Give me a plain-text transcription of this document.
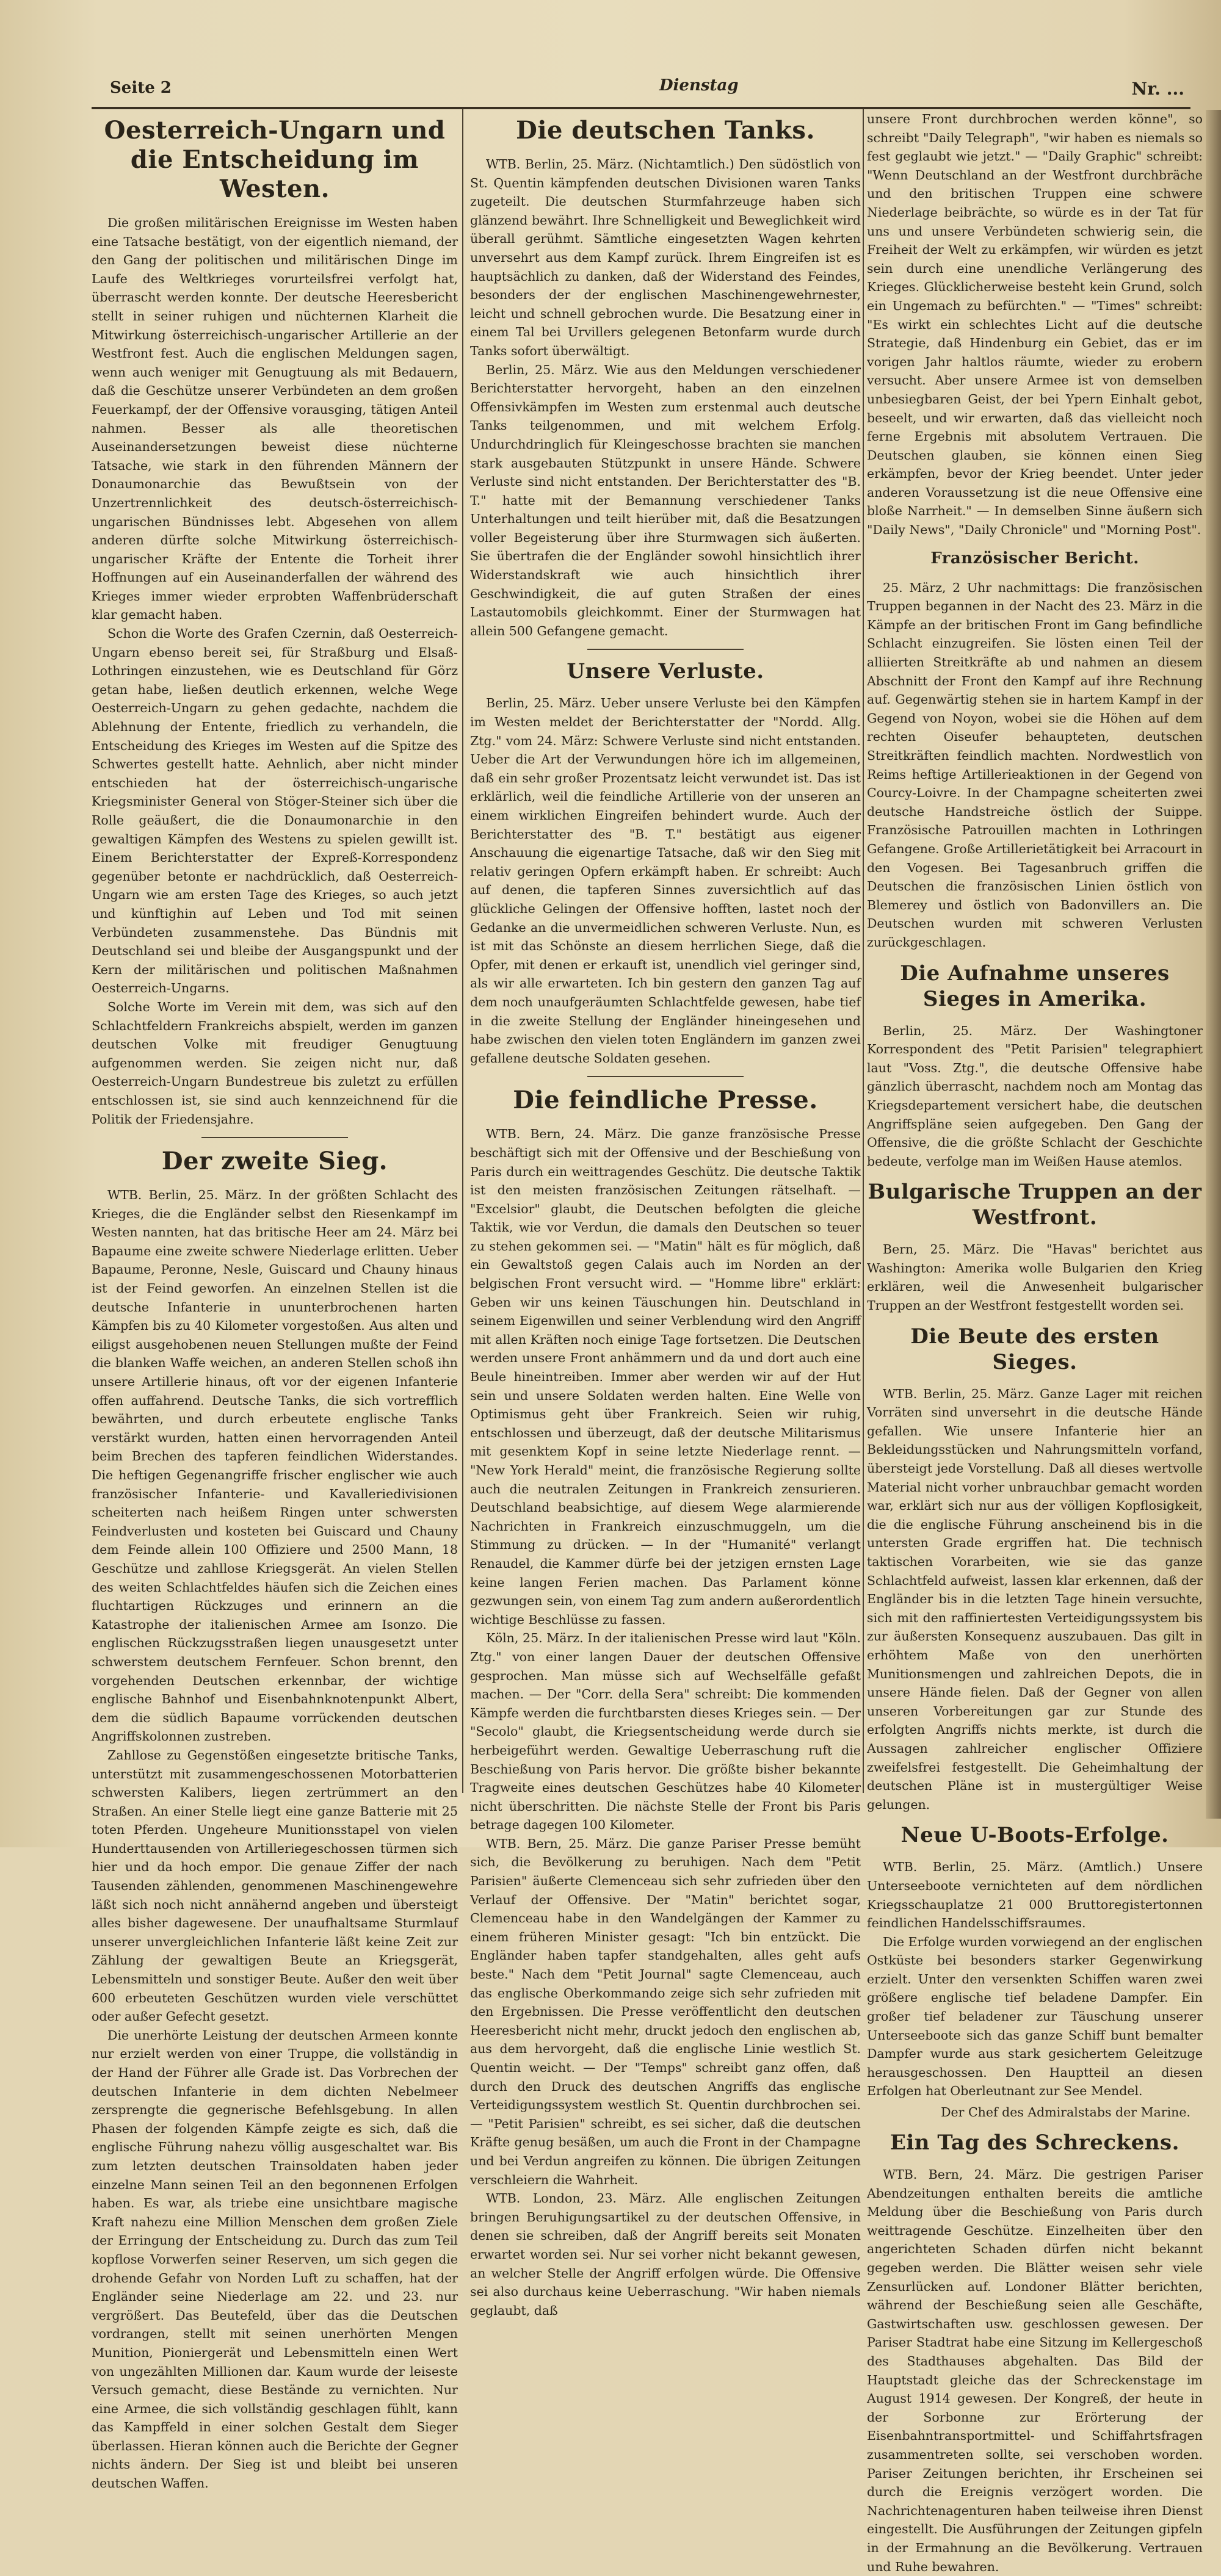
Seite 2	Dienstag	Nr. ...
Oesterreich-Ungarn und die Entscheidung im Westen.

Die großen militärischen Ereignisse im Westen haben eine Tatsache bestätigt, von der eigentlich niemand, der den Gang der politischen und militärischen Dinge im Laufe des Weltkrieges vorurteilsfrei verfolgt hat, überrascht werden konnte. Der deutsche Heeresbericht stellt in seiner ruhigen und nüchternen Klarheit die Mitwirkung österreichisch-ungarischer Artillerie an der Westfront fest. Auch die englischen Meldungen sagen, wenn auch weniger mit Genugtuung als mit Bedauern, daß die Geschütze unserer Verbündeten an dem großen Feuerkampf, der der Offensive vorausging, tätigen Anteil nahmen. Besser als alle theoretischen Auseinandersetzungen beweist diese nüchterne Tatsache, wie stark in den führenden Männern der Donaumonarchie das Bewußtsein von der Unzertrennlichkeit des deutsch-österreichisch-ungarischen Bündnisses lebt. Abgesehen von allem anderen dürfte solche Mitwirkung österreichisch-ungarischer Kräfte der Entente die Torheit ihrer Hoffnungen auf ein Auseinanderfallen der während des Krieges immer wieder erprobten Waffenbrüderschaft klar gemacht haben.

Schon die Worte des Grafen Czernin, daß Oesterreich-Ungarn ebenso bereit sei, für Straßburg und Elsaß-Lothringen einzustehen, wie es Deutschland für Görz getan habe, ließen deutlich erkennen, welche Wege Oesterreich-Ungarn zu gehen gedachte, nachdem die Ablehnung der Entente, friedlich zu verhandeln, die Entscheidung des Krieges im Westen auf die Spitze des Schwertes gestellt hatte. Aehnlich, aber nicht minder entschieden hat der österreichisch-ungarische Kriegsminister General von Stöger-Steiner sich über die Rolle geäußert, die die Donaumonarchie in den gewaltigen Kämpfen des Westens zu spielen gewillt ist. Einem Berichterstatter der Expreß-Korrespondenz gegenüber betonte er nachdrücklich, daß Oesterreich-Ungarn wie am ersten Tage des Krieges, so auch jetzt und künftighin auf Leben und Tod mit seinen Verbündeten zusammenstehe. Das Bündnis mit Deutschland sei und bleibe der Ausgangspunkt und der Kern der militärischen und politischen Maßnahmen Oesterreich-Ungarns.

Solche Worte im Verein mit dem, was sich auf den Schlachtfeldern Frankreichs abspielt, werden im ganzen deutschen Volke mit freudiger Genugtuung aufgenommen werden. Sie zeigen nicht nur, daß Oesterreich-Ungarn Bundestreue bis zuletzt zu erfüllen entschlossen ist, sie sind auch kennzeichnend für die Politik der Friedensjahre.

Der zweite Sieg.

WTB. Berlin, 25. März. In der größten Schlacht des Krieges, die die Engländer selbst den Riesenkampf im Westen nannten, hat das britische Heer am 24. März bei Bapaume eine zweite schwere Niederlage erlitten. Ueber Bapaume, Peronne, Nesle, Guiscard und Chauny hinaus ist der Feind geworfen. An einzelnen Stellen ist die deutsche Infanterie in ununterbrochenen harten Kämpfen bis zu 40 Kilometer vorgestoßen. Aus alten und eiligst ausgehobenen neuen Stellungen mußte der Feind die blanken Waffe weichen, an anderen Stellen schoß ihn unsere Artillerie hinaus, oft vor der eigenen Infanterie offen auffahrend. Deutsche Tanks, die sich vortrefflich bewährten, und durch erbeutete englische Tanks verstärkt wurden, hatten einen hervorragenden Anteil beim Brechen des tapferen feindlichen Widerstandes. Die heftigen Gegenangriffe frischer englischer wie auch französischer Infanterie- und Kavalleriedivisionen scheiterten nach heißem Ringen unter schwersten Feindverlusten und kosteten bei Guiscard und Chauny dem Feinde allein 100 Offiziere und 2500 Mann, 18 Geschütze und zahllose Kriegsgerät. An vielen Stellen des weiten Schlachtfeldes häufen sich die Zeichen eines fluchtartigen Rückzuges und erinnern an die Katastrophe der italienischen Armee am Isonzo. Die englischen Rückzugsstraßen liegen unausgesetzt unter schwerstem deutschem Fernfeuer. Schon brennt, den vorgehenden Deutschen erkennbar, der wichtige englische Bahnhof und Eisenbahnknotenpunkt Albert, dem die südlich Bapaume vorrückenden deutschen Angriffskolonnen zustreben.

Zahllose zu Gegenstößen eingesetzte britische Tanks, unterstützt mit zusammengeschossenen Motorbatterien schwersten Kalibers, liegen zertrümmert an den Straßen. An einer Stelle liegt eine ganze Batterie mit 25 toten Pferden. Ungeheure Munitionsstapel von vielen Hunderttausenden von Artilleriegeschossen türmen sich hier und da hoch empor. Die genaue Ziffer der nach Tausenden zählenden, genommenen Maschinengewehre läßt sich noch nicht annähernd angeben und übersteigt alles bisher dagewesene. Der unaufhaltsame Sturmlauf unserer unvergleichlichen Infanterie läßt keine Zeit zur Zählung der gewaltigen Beute an Kriegsgerät, Lebensmitteln und sonstiger Beute. Außer den weit über 600 erbeuteten Geschützen wurden viele verschüttet oder außer Gefecht gesetzt.

Die unerhörte Leistung der deutschen Armeen konnte nur erzielt werden von einer Truppe, die vollständig in der Hand der Führer alle Grade ist. Das Vorbrechen der deutschen Infanterie in dem dichten Nebelmeer zersprengte die gegnerische Befehlsgebung. In allen Phasen der folgenden Kämpfe zeigte es sich, daß die englische Führung nahezu völlig ausgeschaltet war. Bis zum letzten deutschen Trainsoldaten haben jeder einzelne Mann seinen Teil an den begonnenen Erfolgen haben. Es war, als triebe eine unsichtbare magische Kraft nahezu eine Million Menschen dem großen Ziele der Erringung der Entscheidung zu. Durch das zum Teil kopflose Vorwerfen seiner Reserven, um sich gegen die drohende Gefahr von Norden Luft zu schaffen, hat der Engländer seine Niederlage am 22. und 23. nur vergrößert. Das Beutefeld, über das die Deutschen vordrangen, stellt mit seinen unerhörten Mengen Munition, Pioniergerät und Lebensmitteln einen Wert von ungezählten Millionen dar. Kaum wurde der leiseste Versuch gemacht, diese Bestände zu vernichten. Nur eine Armee, die sich vollständig geschlagen fühlt, kann das Kampffeld in einer solchen Gestalt dem Sieger überlassen. Hieran können auch die Berichte der Gegner nichts ändern. Der Sieg ist und bleibt bei unseren deutschen Waffen.

Die deutschen Tanks.

WTB. Berlin, 25. März. (Nichtamtlich.) Den südöstlich von St. Quentin kämpfenden deutschen Divisionen waren Tanks zugeteilt. Die deutschen Sturmfahrzeuge haben sich glänzend bewährt. Ihre Schnelligkeit und Beweglichkeit wird überall gerühmt. Sämtliche eingesetzten Wagen kehrten unversehrt aus dem Kampf zurück. Ihrem Eingreifen ist es hauptsächlich zu danken, daß der Widerstand des Feindes, besonders der der englischen Maschinengewehrnester, leicht und schnell gebrochen wurde. Die Besatzung einer in einem Tal bei Urvillers gelegenen Betonfarm wurde durch Tanks sofort überwältigt.

Berlin, 25. März. Wie aus den Meldungen verschiedener Berichterstatter hervorgeht, haben an den einzelnen Offensivkämpfen im Westen zum erstenmal auch deutsche Tanks teilgenommen, und mit welchem Erfolg. Undurchdringlich für Kleingeschosse brachten sie manchen stark ausgebauten Stützpunkt in unsere Hände. Schwere Verluste sind nicht entstanden. Der Berichterstatter des "B. T." hatte mit der Bemannung verschiedener Tanks Unterhaltungen und teilt hierüber mit, daß die Besatzungen voller Begeisterung über ihre Sturmwagen sich äußerten. Sie übertrafen die der Engländer sowohl hinsichtlich ihrer Widerstandskraft wie auch hinsichtlich ihrer Geschwindigkeit, die auf guten Straßen der eines Lastautomobils gleichkommt. Einer der Sturmwagen hat allein 500 Gefangene gemacht.

Unsere Verluste.

Berlin, 25. März. Ueber unsere Verluste bei den Kämpfen im Westen meldet der Berichterstatter der "Nordd. Allg. Ztg." vom 24. März: Schwere Verluste sind nicht entstanden. Ueber die Art der Verwundungen höre ich im allgemeinen, daß ein sehr großer Prozentsatz leicht verwundet ist. Das ist erklärlich, weil die feindliche Artillerie von der unseren an einem wirklichen Eingreifen behindert wurde. Auch der Berichterstatter des "B. T." bestätigt aus eigener Anschauung die eigenartige Tatsache, daß wir den Sieg mit relativ geringen Opfern erkämpft haben. Er schreibt: Auch auf denen, die tapferen Sinnes zuversichtlich auf das glückliche Gelingen der Offensive hofften, lastet noch der Gedanke an die unvermeidlichen schweren Verluste. Nun, es ist mit das Schönste an diesem herrlichen Siege, daß die Opfer, mit denen er erkauft ist, unendlich viel geringer sind, als wir alle erwarteten. Ich bin gestern den ganzen Tag auf dem noch unaufgeräumten Schlachtfelde gewesen, habe tief in die zweite Stellung der Engländer hineingesehen und habe zwischen den vielen toten Engländern im ganzen zwei gefallene deutsche Soldaten gesehen.

Die feindliche Presse.

WTB. Bern, 24. März. Die ganze französische Presse beschäftigt sich mit der Offensive und der Beschießung von Paris durch ein weittragendes Geschütz. Die deutsche Taktik ist den meisten französischen Zeitungen rätselhaft. — "Excelsior" glaubt, die Deutschen befolgten die gleiche Taktik, wie vor Verdun, die damals den Deutschen so teuer zu stehen gekommen sei. — "Matin" hält es für möglich, daß ein Gewaltstoß gegen Calais auch im Norden an der belgischen Front versucht wird. — "Homme libre" erklärt: Geben wir uns keinen Täuschungen hin. Deutschland in seinem Eigenwillen und seiner Verblendung wird den Angriff mit allen Kräften noch einige Tage fortsetzen. Die Deutschen werden unsere Front anhämmern und da und dort auch eine Beule hineintreiben. Immer aber werden wir auf der Hut sein und unsere Soldaten werden halten. Eine Welle von Optimismus geht über Frankreich. Seien wir ruhig, entschlossen und überzeugt, daß der deutsche Militarismus mit gesenktem Kopf in seine letzte Niederlage rennt. — "New York Herald" meint, die französische Regierung sollte auch die neutralen Zeitungen in Frankreich zensurieren. Deutschland beabsichtige, auf diesem Wege alarmierende Nachrichten in Frankreich einzuschmuggeln, um die Stimmung zu drücken. — In der "Humanité" verlangt Renaudel, die Kammer dürfe bei der jetzigen ernsten Lage keine langen Ferien machen. Das Parlament könne gezwungen sein, von einem Tag zum andern außerordentlich wichtige Beschlüsse zu fassen.

Köln, 25. März. In der italienischen Presse wird laut "Köln. Ztg." von einer langen Dauer der deutschen Offensive gesprochen. Man müsse sich auf Wechselfälle gefaßt machen. — Der "Corr. della Sera" schreibt: Die kommenden Kämpfe werden die furchtbarsten dieses Krieges sein. — Der "Secolo" glaubt, die Kriegsentscheidung werde durch sie herbeigeführt werden. Gewaltige Ueberraschung ruft die Beschießung von Paris hervor. Die größte bisher bekannte Tragweite eines deutschen Geschützes habe 40 Kilometer nicht überschritten. Die nächste Stelle der Front bis Paris betrage dagegen 100 Kilometer.

WTB. Bern, 25. März. Die ganze Pariser Presse bemüht sich, die Bevölkerung zu beruhigen. Nach dem "Petit Parisien" äußerte Clemenceau sich sehr zufrieden über den Verlauf der Offensive. Der "Matin" berichtet sogar, Clemenceau habe in den Wandelgängen der Kammer zu einem früheren Minister gesagt: "Ich bin entzückt. Die Engländer haben tapfer standgehalten, alles geht aufs beste." Nach dem "Petit Journal" sagte Clemenceau, auch das englische Oberkommando zeige sich sehr zufrieden mit den Ergebnissen. Die Presse veröffentlicht den deutschen Heeresbericht nicht mehr, druckt jedoch den englischen ab, aus dem hervorgeht, daß die englische Linie westlich St. Quentin weicht. — Der "Temps" schreibt ganz offen, daß durch den Druck des deutschen Angriffs das englische Verteidigungssystem westlich St. Quentin durchbrochen sei. — "Petit Parisien" schreibt, es sei sicher, daß die deutschen Kräfte genug besäßen, um auch die Front in der Champagne und bei Verdun angreifen zu können. Die übrigen Zeitungen verschleiern die Wahrheit.

WTB. London, 23. März. Alle englischen Zeitungen bringen Beruhigungsartikel zu der deutschen Offensive, in denen sie schreiben, daß der Angriff bereits seit Monaten erwartet worden sei. Nur sei vorher nicht bekannt gewesen, an welcher Stelle der Angriff erfolgen würde. Die Offensive sei also durchaus keine Ueberraschung. "Wir haben niemals geglaubt, daß

unsere Front durchbrochen werden könne", so schreibt "Daily Telegraph", "wir haben es niemals so fest geglaubt wie jetzt." — "Daily Graphic" schreibt: "Wenn Deutschland an der Westfront durchbräche und den britischen Truppen eine schwere Niederlage beibrächte, so würde es in der Tat für uns und unsere Verbündeten schwierig sein, die Freiheit der Welt zu erkämpfen, wir würden es jetzt sein durch eine unendliche Verlängerung des Krieges. Glücklicherweise besteht kein Grund, solch ein Ungemach zu befürchten." — "Times" schreibt: "Es wirkt ein schlechtes Licht auf die deutsche Strategie, daß Hindenburg ein Gebiet, das er im vorigen Jahr haltlos räumte, wieder zu erobern versucht. Aber unsere Armee ist von demselben unbesiegbaren Geist, der bei Ypern Einhalt gebot, beseelt, und wir erwarten, daß das vielleicht noch ferne Ergebnis mit absolutem Vertrauen. Die Deutschen glauben, sie können einen Sieg erkämpfen, bevor der Krieg beendet. Unter jeder anderen Voraussetzung ist die neue Offensive eine bloße Narrheit." — In demselben Sinne äußern sich "Daily News", "Daily Chronicle" und "Morning Post".

Französischer Bericht.

25. März, 2 Uhr nachmittags: Die französischen Truppen begannen in der Nacht des 23. März in die Kämpfe an der britischen Front im Gang befindliche Schlacht einzugreifen. Sie lösten einen Teil der alliierten Streitkräfte ab und nahmen an diesem Abschnitt der Front den Kampf auf ihre Rechnung auf. Gegenwärtig stehen sie in hartem Kampf in der Gegend von Noyon, wobei sie die Höhen auf dem rechten Oiseufer behaupteten, deutschen Streitkräften feindlich machten. Nordwestlich von Reims heftige Artillerieaktionen in der Gegend von Courcy-Loivre. In der Champagne scheiterten zwei deutsche Handstreiche östlich der Suippe. Französische Patrouillen machten in Lothringen Gefangene. Große Artillerietätigkeit bei Arracourt in den Vogesen. Bei Tagesanbruch griffen die Deutschen die französischen Linien östlich von Blemerey und östlich von Badonvillers an. Die Deutschen wurden mit schweren Verlusten zurückgeschlagen.

Die Aufnahme unseres Sieges in Amerika.

Berlin, 25. März. Der Washingtoner Korrespondent des "Petit Parisien" telegraphiert laut "Voss. Ztg.", die deutsche Offensive habe gänzlich überrascht, nachdem noch am Montag das Kriegsdepartement versichert habe, die deutschen Angriffspläne seien aufgegeben. Den Gang der Offensive, die die größte Schlacht der Geschichte bedeute, verfolge man im Weißen Hause atemlos.

Bulgarische Truppen an der Westfront.

Bern, 25. März. Die "Havas" berichtet aus Washington: Amerika wolle Bulgarien den Krieg erklären, weil die Anwesenheit bulgarischer Truppen an der Westfront festgestellt worden sei.

Die Beute des ersten Sieges.

WTB. Berlin, 25. März. Ganze Lager mit reichen Vorräten sind unversehrt in die deutsche Hände gefallen. Wie unsere Infanterie hier an Bekleidungsstücken und Nahrungsmitteln vorfand, übersteigt jede Vorstellung. Daß all dieses wertvolle Material nicht vorher unbrauchbar gemacht worden war, erklärt sich nur aus der völligen Kopflosigkeit, die die englische Führung anscheinend bis in die untersten Grade ergriffen hat. Die technisch taktischen Vorarbeiten, wie sie das ganze Schlachtfeld aufweist, lassen klar erkennen, daß der Engländer bis in die letzten Tage hinein versuchte, sich mit den raffiniertesten Verteidigungssystem bis zur äußersten Konsequenz auszubauen. Das gilt in erhöhtem Maße von den unerhörten Munitionsmengen und zahlreichen Depots, die in unsere Hände fielen. Daß der Gegner von allen unseren Vorbereitungen gar zur Stunde des erfolgten Angriffs nichts merkte, ist durch die Aussagen zahlreicher englischer Offiziere zweifelsfrei festgestellt. Die Geheimhaltung der deutschen Pläne ist in mustergültiger Weise gelungen.

Neue U-Boots-Erfolge.

WTB. Berlin, 25. März. (Amtlich.) Unsere Unterseeboote vernichteten auf dem nördlichen Kriegsschauplatze 21 000 Bruttoregistertonnen feindlichen Handelsschiffsraumes.

Die Erfolge wurden vorwiegend an der englischen Ostküste bei besonders starker Gegenwirkung erzielt. Unter den versenkten Schiffen waren zwei größere englische tief beladene Dampfer. Ein großer tief beladener zur Täuschung unserer Unterseeboote sich das ganze Schiff bunt bemalter Dampfer wurde aus stark gesichertem Geleitzuge herausgeschossen. Den Hauptteil an diesen Erfolgen hat Oberleutnant zur See Mendel.

Der Chef des Admiralstabs der Marine.
Ein Tag des Schreckens.

WTB. Bern, 24. März. Die gestrigen Pariser Abendzeitungen enthalten bereits die amtliche Meldung über die Beschießung von Paris durch weittragende Geschütze. Einzelheiten über den angerichteten Schaden dürfen nicht bekannt gegeben werden. Die Blätter weisen sehr viele Zensurlücken auf. Londoner Blätter berichten, während der Beschießung seien alle Geschäfte, Gastwirtschaften usw. geschlossen gewesen. Der Pariser Stadtrat habe eine Sitzung im Kellergeschoß des Stadthauses abgehalten. Das Bild der Hauptstadt gleiche das der Schreckenstage im August 1914 gewesen. Der Kongreß, der heute in der Sorbonne zur Erörterung der Eisenbahntransportmittel- und Schiffahrtsfragen zusammentreten sollte, sei verschoben worden. Pariser Zeitungen berichten, ihr Erscheinen sei durch die Ereignis verzögert worden. Die Nachrichtenagenturen haben teilweise ihren Dienst eingestellt. Die Ausführungen der Zeitungen gipfeln in der Ermahnung an die Bevölkerung. Vertrauen und Ruhe bewahren.
